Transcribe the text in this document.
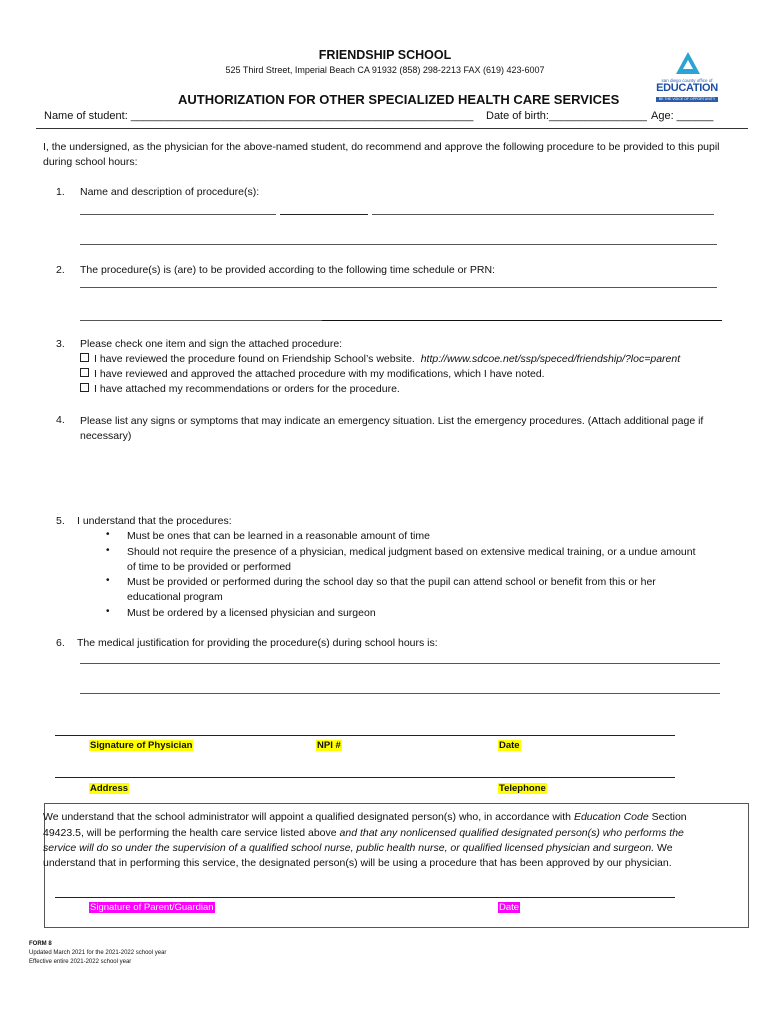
FRIENDSHIP SCHOOL
525 Third Street, Imperial Beach CA 91932 (858) 298-2213 FAX (619) 423-6007
AUTHORIZATION FOR OTHER SPECIALIZED HEALTH CARE SERVICES
san diego county office of
EDUCATION
BE THE VOICE OF OPPORTUNITY
Name of student: ________________________________________________________ Date of birth:________________ Age: ______
I, the undersigned, as the physician for the above-named student, do recommend and approve the following procedure to be provided to this pupil during school hours:
1. Name and description of procedure(s):
2. The procedure(s) is (are) to be provided according to the following time schedule or PRN:
3. Please check one item and sign the attached procedure:
I have reviewed the procedure found on Friendship School’s website. http://www.sdcoe.net/ssp/speced/friendship/?loc=parent
I have reviewed and approved the attached procedure with my modifications, which I have noted.
I have attached my recommendations or orders for the procedure.
4. Please list any signs or symptoms that may indicate an emergency situation. List the emergency procedures. (Attach additional page if necessary)
5. I understand that the procedures:
• Must be ones that can be learned in a reasonable amount of time
• Should not require the presence of a physician, medical judgment based on extensive medical training, or a undue amount
of time to be provided or performed
• Must be provided or performed during the school day so that the pupil can attend school or benefit from this or her
educational program
• Must be ordered by a licensed physician and surgeon
6. The medical justification for providing the procedure(s) during school hours is:
Signature of Physician	NPI #	Date
Address	Telephone
We understand that the school administrator will appoint a qualified designated person(s) who, in accordance with Education Code Section
49423.5, will be performing the health care service listed above and that any nonlicensed qualified designated person(s) who performs the
service will do so under the supervision of a qualified school nurse, public health nurse, or qualified licensed physician and surgeon. We
understand that in performing this service, the designated person(s) will be using a procedure that has been approved by our physician.
Signature of Parent/Guardian	Date
FORM 8
Updated March 2021 for the 2021-2022 school year
Effective entire 2021-2022 school year
